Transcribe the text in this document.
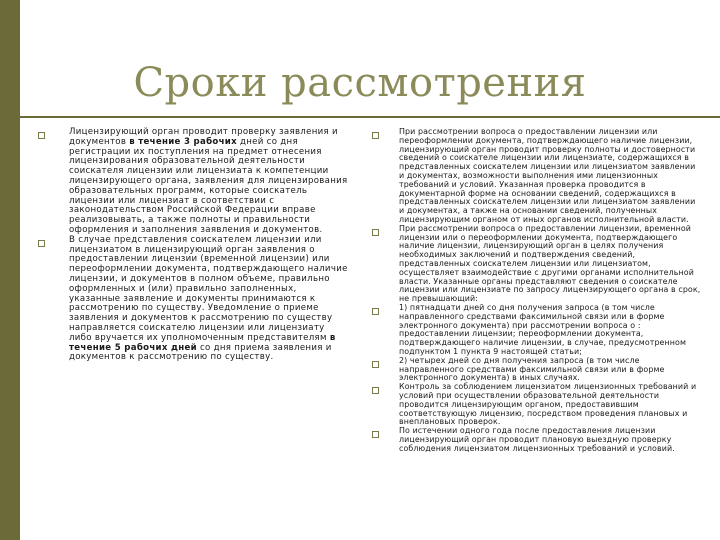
Сроки рассмотрения
Лицензирующий орган проводит проверку заявления и документов в течение 3 рабочих дней со дня регистрации их поступления на предмет отнесения лицензирования образовательной деятельности соискателя лицензии или лицензиата к компетенции лицензирующего органа, заявления для лицензирования образовательных программ, которые соискатель лицензии или лицензиат в соответствии с законодательством Российской Федерации вправе реализовывать, а также полноты и правильности оформления и заполнения заявления и документов.
В случае представления соискателем лицензии или лицензиатом в лицензирующий орган заявления о предоставлении лицензии (временной лицензии) или переоформлении документа, подтверждающего наличие лицензии, и документов в полном объеме, правильно оформленных и (или) правильно заполненных, указанные заявление и документы принимаются к рассмотрению по существу. Уведомление о приеме заявления и документов к рассмотрению по существу направляется соискателю лицензии или лицензиату либо вручается их уполномоченным представителям в течение 5 рабочих дней со дня приема заявления и документов к рассмотрению по существу.
При рассмотрении вопроса о предоставлении лицензии или переоформлении документа, подтверждающего наличие лицензии, лицензирующий орган проводит проверку полноты и достоверности сведений о соискателе лицензии или лицензиате, содержащихся в представленных соискателем лицензии или лицензиатом заявлении и документах, возможности выполнения ими лицензионных требований и условий. Указанная проверка проводится в документарной форме на основании сведений, содержащихся в представленных соискателем лицензии или лицензиатом заявлении и документах, а также на основании сведений, полученных лицензирующим органом от иных органов исполнительной власти.
При рассмотрении вопроса о предоставлении лицензии, временной лицензии или о переоформлении документа, подтверждающего наличие лицензии, лицензирующий орган в целях получения необходимых заключений и подтверждения сведений, представленных соискателем лицензии или лицензиатом, осуществляет взаимодействие с другими органами исполнительной власти. Указанные органы представляют сведения о соискателе лицензии или лицензиате по запросу лицензирующего органа в срок, не превышающий:
1) пятнадцати дней со дня получения запроса (в том числе направленного средствами факсимильной связи или в форме электронного документа) при рассмотрении вопроса о : предоставлении лицензии; переоформлении документа, подтверждающего наличие лицензии, в случае, предусмотренном подпунктом 1 пункта 9 настоящей статьи;
2) четырех дней со дня получения запроса (в том числе направленного средствами факсимильной связи или в форме электронного документа) в иных случаях.
Контроль за соблюдением лицензиатом лицензионных требований и условий при осуществлении образовательной деятельности проводится лицензирующим органом, предоставившим соответствующую лицензию, посредством проведения плановых и внеплановых проверок.
По истечении одного года после предоставления лицензии лицензирующий орган проводит плановую выездную проверку соблюдения лицензиатом лицензионных требований и условий.
